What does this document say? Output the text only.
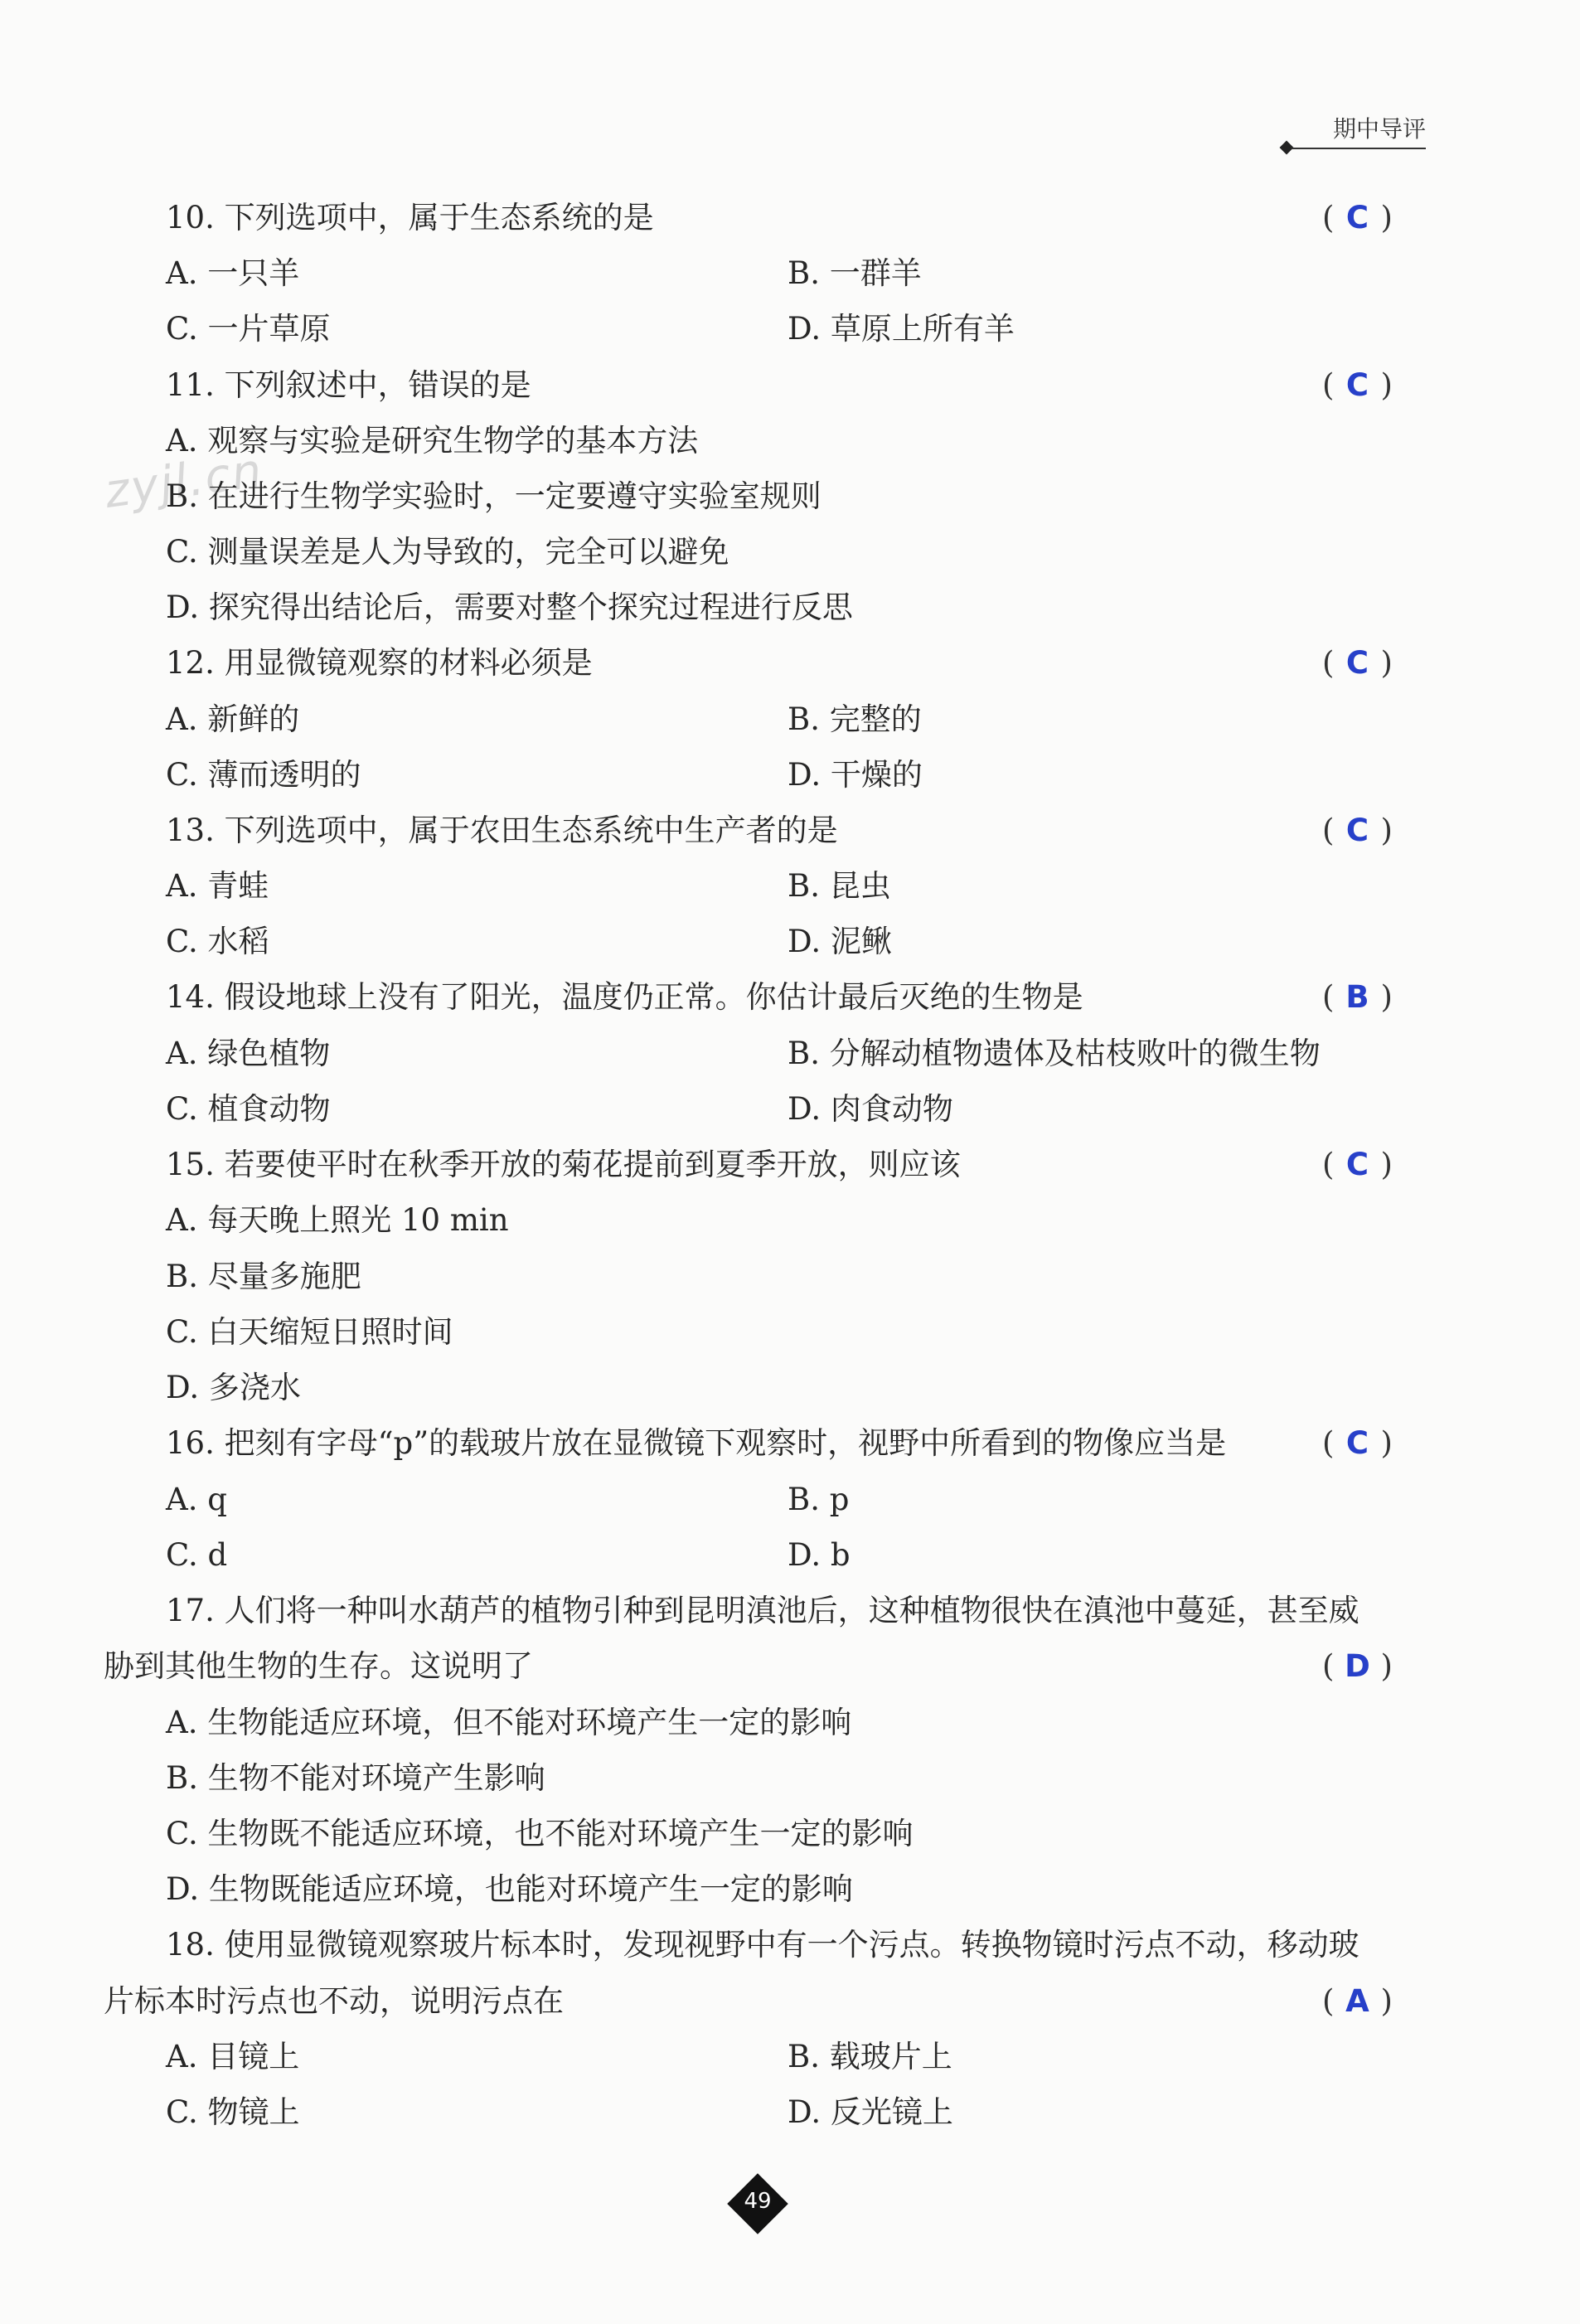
期中导评
zyjl.cn
10. 下列选项中，属于生态系统的是	( C )
A. 一只羊	B. 一群羊
C. 一片草原	D. 草原上所有羊
11. 下列叙述中，错误的是	( C )
A. 观察与实验是研究生物学的基本方法
B. 在进行生物学实验时，一定要遵守实验室规则
C. 测量误差是人为导致的，完全可以避免
D. 探究得出结论后，需要对整个探究过程进行反思
12. 用显微镜观察的材料必须是	( C )
A. 新鲜的	B. 完整的
C. 薄而透明的	D. 干燥的
13. 下列选项中，属于农田生态系统中生产者的是	( C )
A. 青蛙	B. 昆虫
C. 水稻	D. 泥鳅
14. 假设地球上没有了阳光，温度仍正常。你估计最后灭绝的生物是	( B )
A. 绿色植物	B. 分解动植物遗体及枯枝败叶的微生物
C. 植食动物	D. 肉食动物
15. 若要使平时在秋季开放的菊花提前到夏季开放，则应该	( C )
A. 每天晚上照光 10 min
B. 尽量多施肥
C. 白天缩短日照时间
D. 多浇水
16. 把刻有字母“p”的载玻片放在显微镜下观察时，视野中所看到的物像应当是	( C )
A. q	B. p
C. d	D. b
17. 人们将一种叫水葫芦的植物引种到昆明滇池后，这种植物很快在滇池中蔓延，甚至威
胁到其他生物的生存。这说明了	( D )
A. 生物能适应环境，但不能对环境产生一定的影响
B. 生物不能对环境产生影响
C. 生物既不能适应环境，也不能对环境产生一定的影响
D. 生物既能适应环境，也能对环境产生一定的影响
18. 使用显微镜观察玻片标本时，发现视野中有一个污点。转换物镜时污点不动，移动玻
片标本时污点也不动，说明污点在	( A )
A. 目镜上	B. 载玻片上
C. 物镜上	D. 反光镜上
49
